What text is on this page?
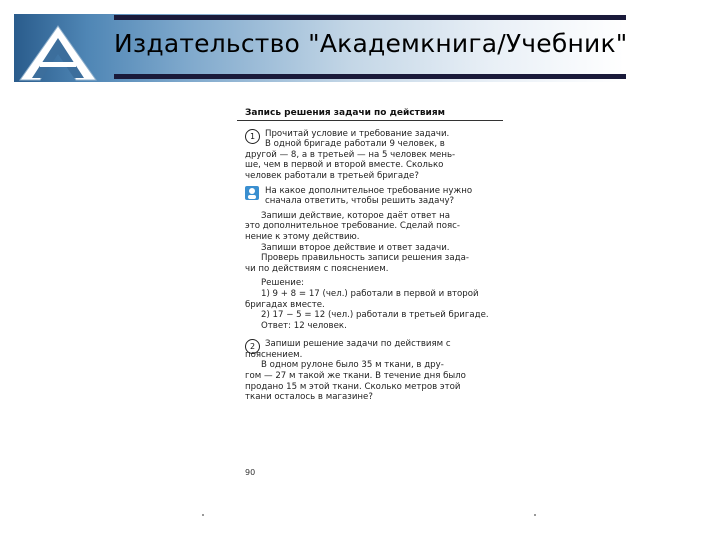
Издательство "Академкнига/Учебник"
Запись решения задачи по действиям
1	Прочитай условие и требование задачи.
В одной бригаде работали 9 человек, в
другой — 8, а в третьей — на 5 человек мень-
ше, чем в первой и второй вместе. Сколько
человек работали в третьей бригаде?
На какое дополнительное требование нужно
сначала ответить, чтобы решить задачу?
Запиши действие, которое даёт ответ на
это дополнительное требование. Сделай пояс-
нение к этому действию.
Запиши второе действие и ответ задачи.
Проверь правильность записи решения зада-
чи по действиям с пояснением.
Решение:
1) 9 + 8 = 17 (чел.) работали в первой и второй
бригадах вместе.
2) 17 − 5 = 12 (чел.) работали в третьей бригаде.
Ответ: 12 человек.
2	Запиши решение задачи по действиям с
пояснением.
В одном рулоне было 35 м ткани, в дру-
гом — 27 м такой же ткани. В течение дня было
продано 15 м этой ткани. Сколько метров этой
ткани осталось в магазине?
90
